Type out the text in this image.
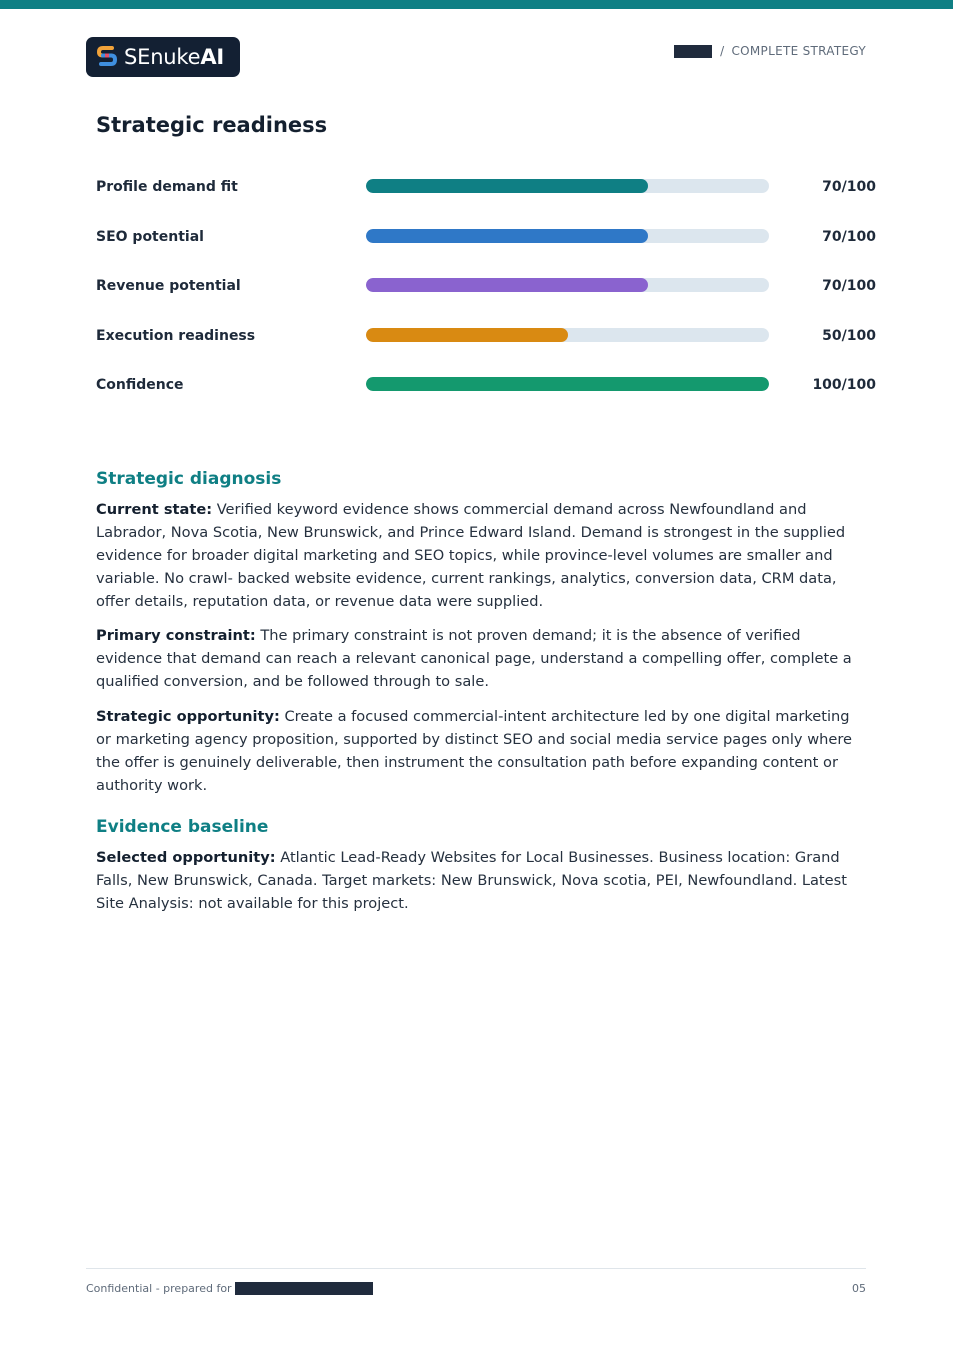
SEnukeAI	/ COMPLETE STRATEGY
Strategic readiness
Profile demand fit	70/100
SEO potential	70/100
Revenue potential	70/100
Execution readiness	50/100
Confidence	100/100
Strategic diagnosis

Current state: Verified keyword evidence shows commercial demand across Newfoundland and Labrador, Nova Scotia, New Brunswick, and Prince Edward Island. Demand is strongest in the supplied evidence for broader digital marketing and SEO topics, while province-level volumes are smaller and variable. No crawl- backed website evidence, current rankings, analytics, conversion data, CRM data, offer details, reputation data, or revenue data were supplied.

Primary constraint: The primary constraint is not proven demand; it is the absence of verified evidence that demand can reach a relevant canonical page, understand a compelling offer, complete a qualified conversion, and be followed through to sale.

Strategic opportunity: Create a focused commercial-intent architecture led by one digital marketing or marketing agency proposition, supported by distinct SEO and social media service pages only where the offer is genuinely deliverable, then instrument the consultation path before expanding content or authority work.

Evidence baseline

Selected opportunity: Atlantic Lead-Ready Websites for Local Businesses. Business location: Grand Falls, New Brunswick, Canada. Target markets: New Brunswick, Nova scotia, PEI, Newfoundland. Latest Site Analysis: not available for this project.

Confidential - prepared for	05
